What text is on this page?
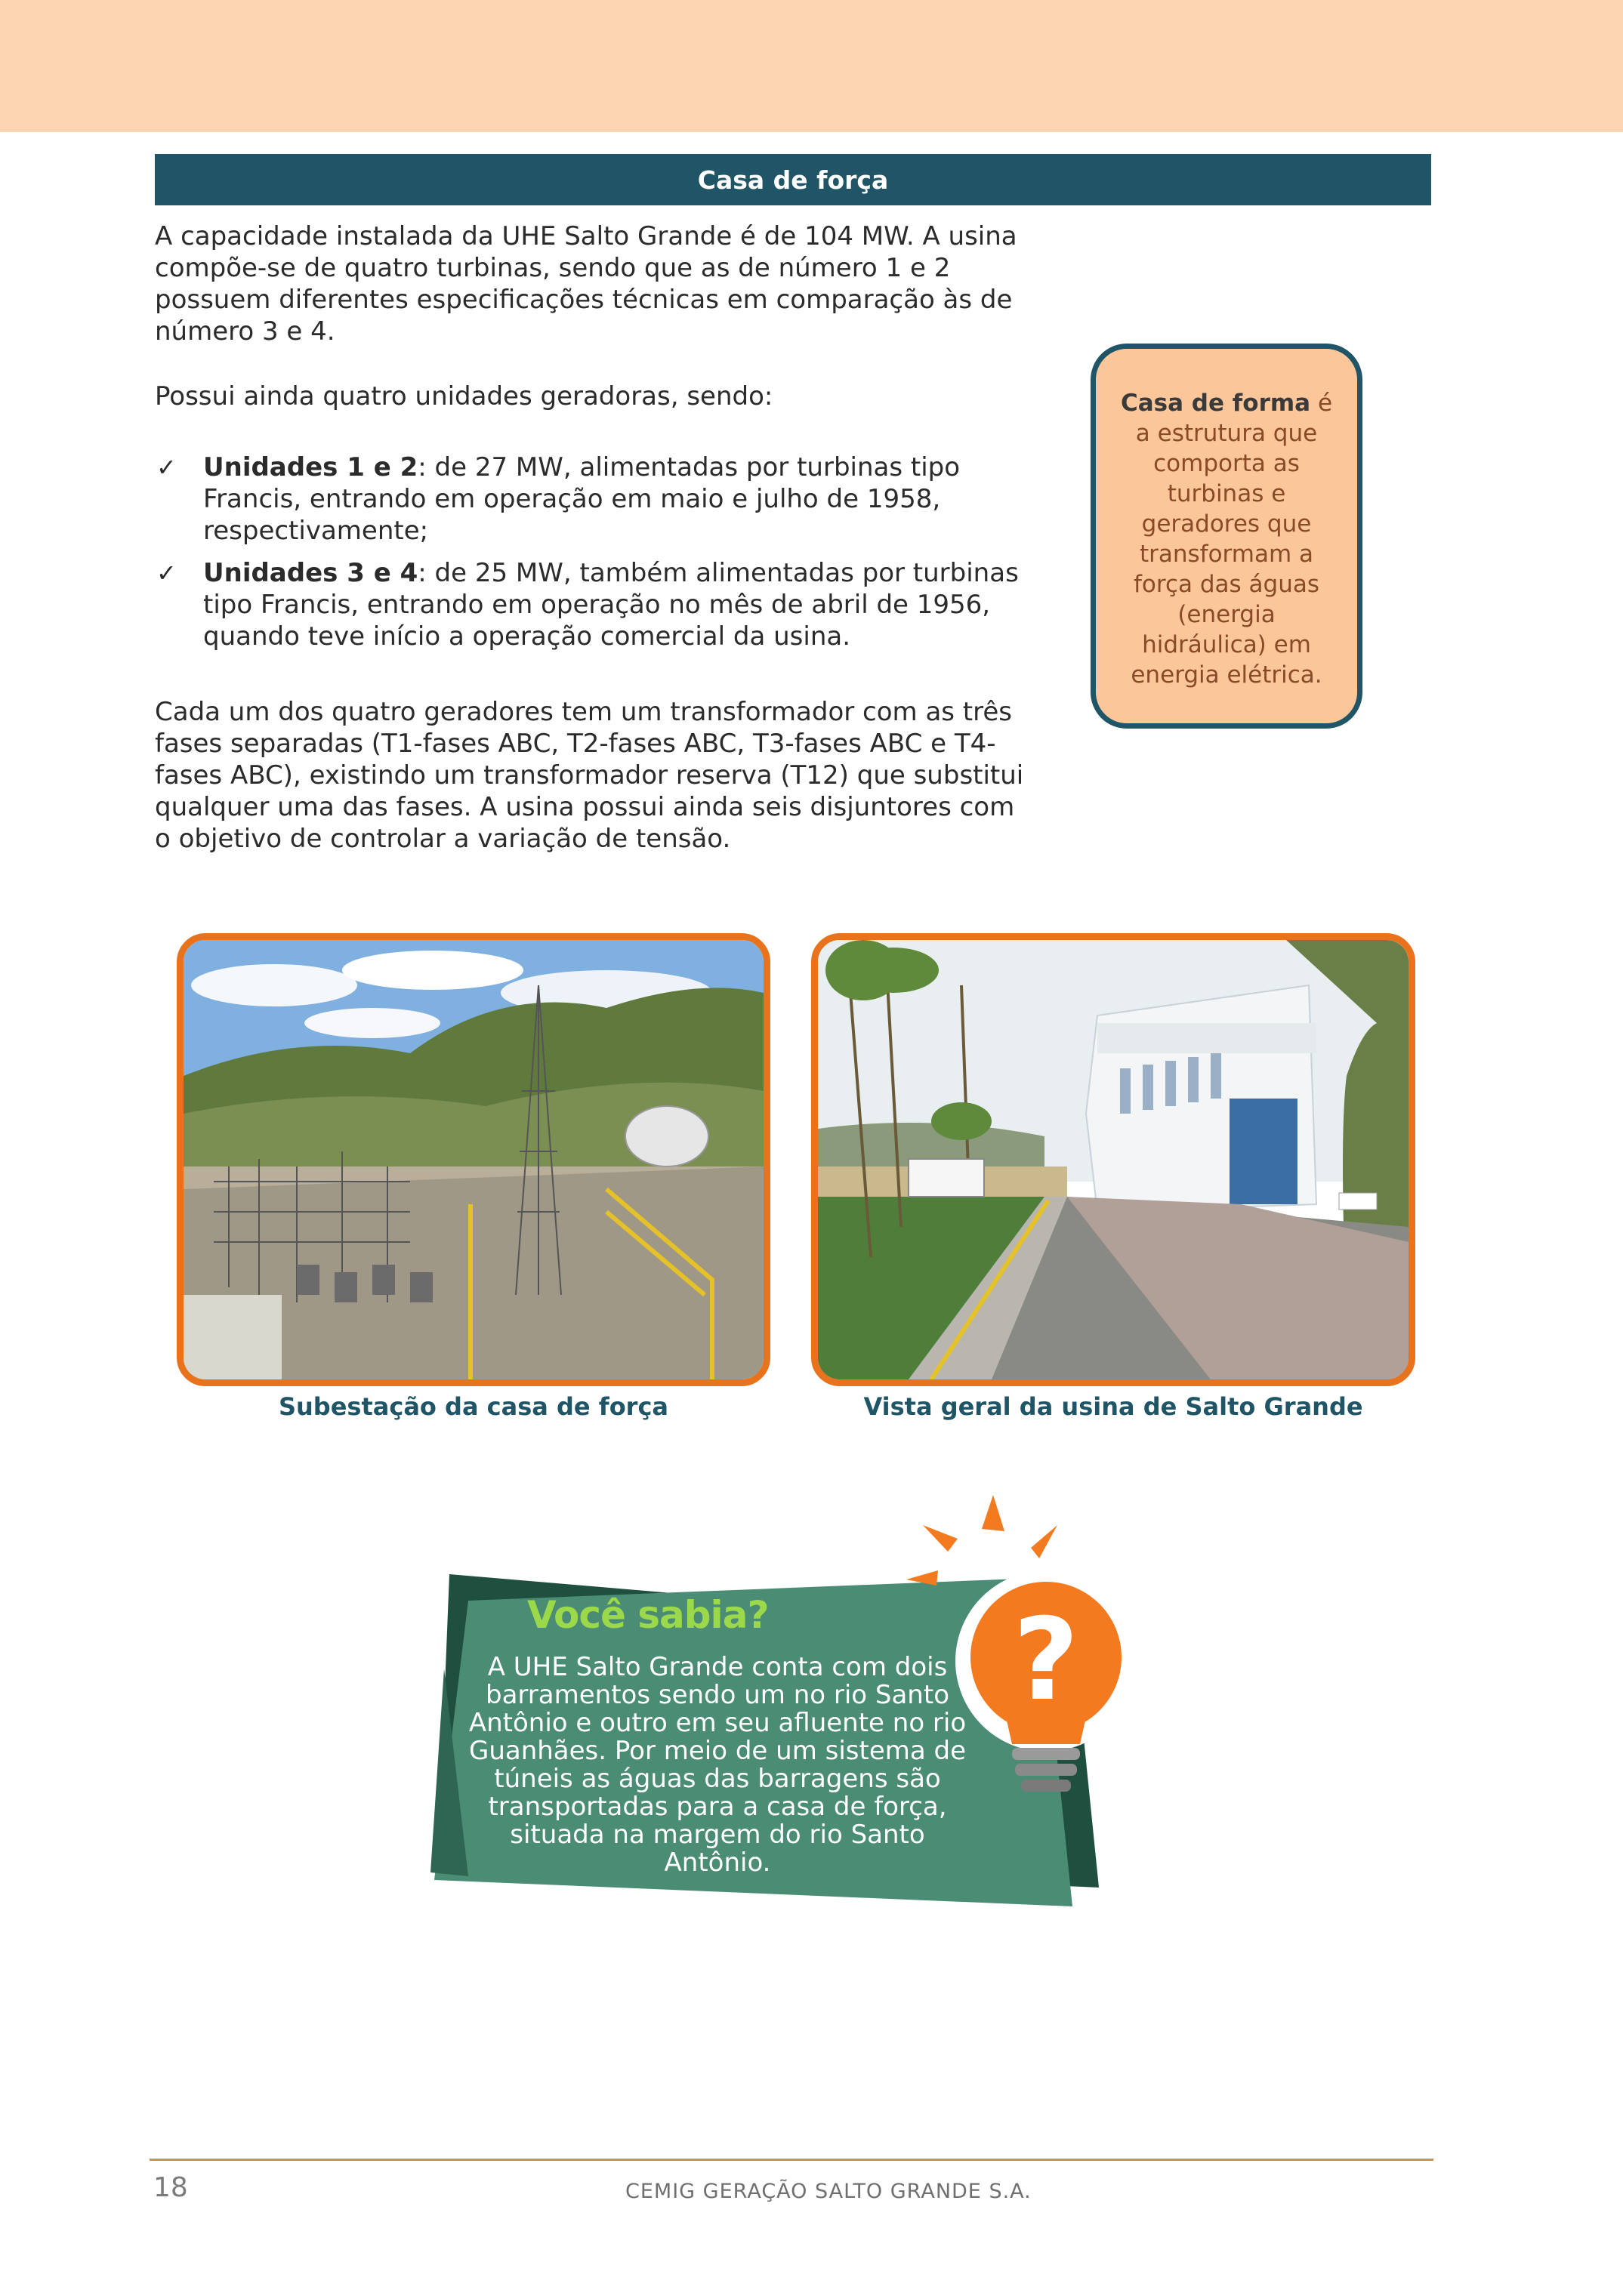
Casa de força

A capacidade instalada da UHE Salto Grande é de 104 MW. A usina compõe-se de quatro turbinas, sendo que as de número 1 e 2 possuem diferentes especificações técnicas em comparação às de número 3 e 4.

Possui ainda quatro unidades geradoras, sendo:

✓ Unidades 1 e 2: de 27 MW, alimentadas por turbinas tipo Francis, entrando em operação em maio e julho de 1958, respectivamente;
✓ Unidades 3 e 4: de 25 MW, também alimentadas por turbinas tipo Francis, entrando em operação no mês de abril de 1956, quando teve início a operação comercial da usina.

Cada um dos quatro geradores tem um transformador com as três fases separadas (T1-fases ABC, T2-fases ABC, T3-fases ABC e T4-fases ABC), existindo um transformador reserva (T12) que substitui qualquer uma das fases. A usina possui ainda seis disjuntores com o objetivo de controlar a variação de tensão.

Casa de forma é a estrutura que comporta as turbinas e geradores que transformam a força das águas (energia hidráulica) em energia elétrica.
Subestação da casa de força	Vista geral da usina de Salto Grande
?
Você sabia?
A UHE Salto Grande conta com dois barramentos sendo um no rio Santo Antônio e outro em seu afluente no rio Guanhães. Por meio de um sistema de túneis as águas das barragens são transportadas para a casa de força, situada na margem do rio Santo Antônio.
18	CEMIG GERAÇÃO SALTO GRANDE S.A.
